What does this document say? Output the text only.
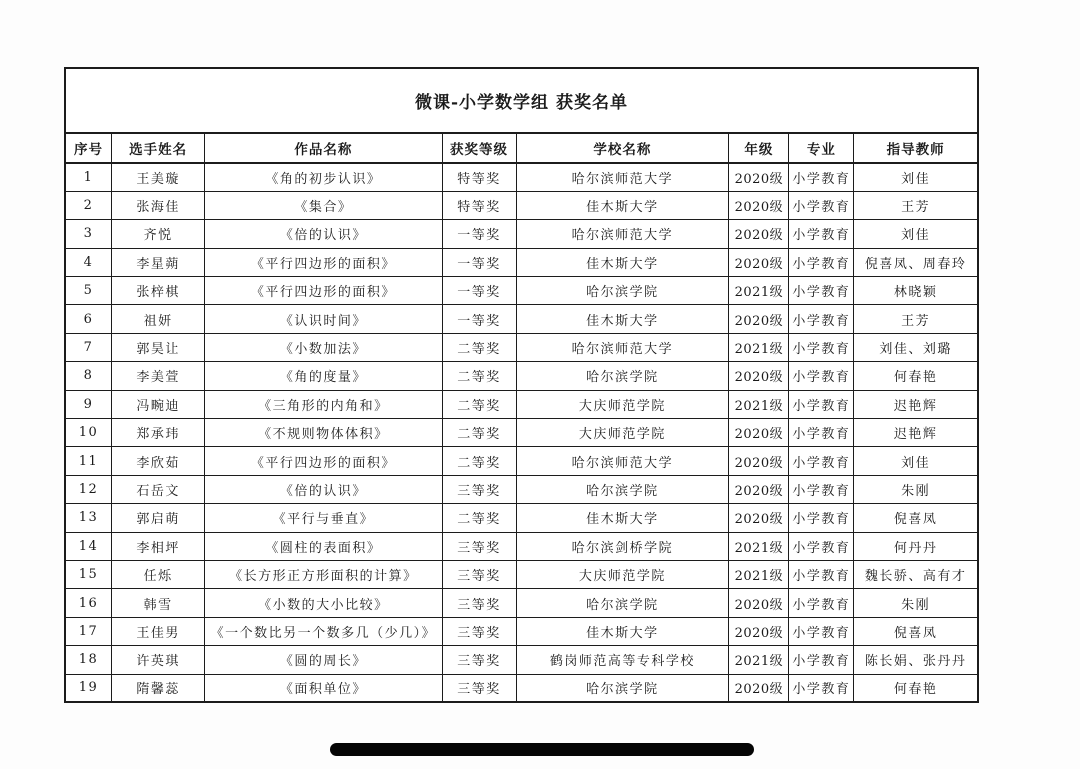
微课-小学数学组 获奖名单							
序号	选手姓名	作品名称	获奖等级	学校名称	年级	专业	指导教师
1	王美璇	《角的初步认识》	特等奖	哈尔滨师范大学	2020级	小学教育	刘佳
2	张海佳	《集合》	特等奖	佳木斯大学	2020级	小学教育	王芳
3	齐悦	《倍的认识》	一等奖	哈尔滨师范大学	2020级	小学教育	刘佳
4	李星蒴	《平行四边形的面积》	一等奖	佳木斯大学	2020级	小学教育	倪喜凤、周春玲
5	张梓棋	《平行四边形的面积》	一等奖	哈尔滨学院	2021级	小学教育	林晓颖
6	祖妍	《认识时间》	一等奖	佳木斯大学	2020级	小学教育	王芳
7	郭昊让	《小数加法》	二等奖	哈尔滨师范大学	2021级	小学教育	刘佳、刘璐
8	李美萱	《角的度量》	二等奖	哈尔滨学院	2020级	小学教育	何春艳
9	冯畹迪	《三角形的内角和》	二等奖	大庆师范学院	2021级	小学教育	迟艳辉
10	郑承玮	《不规则物体体积》	二等奖	大庆师范学院	2020级	小学教育	迟艳辉
11	李欣茹	《平行四边形的面积》	二等奖	哈尔滨师范大学	2020级	小学教育	刘佳
12	石岳文	《倍的认识》	三等奖	哈尔滨学院	2020级	小学教育	朱刚
13	郭启萌	《平行与垂直》	二等奖	佳木斯大学	2020级	小学教育	倪喜凤
14	李相坪	《圆柱的表面积》	三等奖	哈尔滨剑桥学院	2021级	小学教育	何丹丹
15	任烁	《长方形正方形面积的计算》	三等奖	大庆师范学院	2021级	小学教育	魏长骄、高有才
16	韩雪	《小数的大小比较》	三等奖	哈尔滨学院	2020级	小学教育	朱刚
17	王佳男	《一个数比另一个数多几（少几）》	三等奖	佳木斯大学	2020级	小学教育	倪喜凤
18	许英琪	《圆的周长》	三等奖	鹤岗师范高等专科学校	2021级	小学教育	陈长娟、张丹丹
19	隋馨蕊	《面积单位》	三等奖	哈尔滨学院	2020级	小学教育	何春艳
